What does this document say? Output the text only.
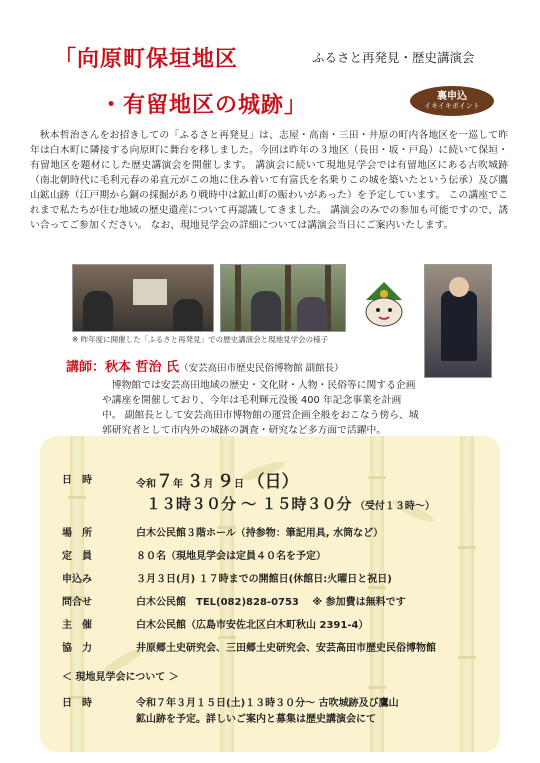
「向原町保垣地区
・有留地区の城跡」
ふるさと再発見・歴史講演会
裏申込
イキイキポイント
秋本哲治さんをお招きしての「ふるさと再発見」は、志屋・高南・三田・井原の町内各地区を一巡して昨年は白木町に隣接する向原町に舞台を移しました。今回は昨年の３地区（長田・坂・戸島）に続いて保垣・有留地区を題材にした歴史講演会を開催します。 講演会に続いて現地見学会では有留地区にある古吹城跡（南北朝時代に毛利元春の弟直元がこの地に住み着いて有富氏を名乗りこの城を築いたという伝承）及び鷹山鉱山跡（江戸期から銅の採掘があり戦時中は鉱山町の賑わいがあった）を予定しています。 この講座でこれまで私たちが住む地域の歴史遺産について再認識してきました。 講演会のみでの参加も可能ですので、誘い合ってご参加ください。 なお、現地見学会の詳細については講演会当日にご案内いたします。
※ 昨年度に開催した「ふるさと再発見」での歴史講演会と現地見学会の様子
講師：秋本 哲治 氏（安芸高田市歴史民俗博物館 副館長）
博物館では安芸高田地域の歴史・文化財・人物・民俗等に関する企画や講座を開催しており、今年は毛利輝元没後 400 年記念事業を計画中。 副館長として安芸高田市博物館の運営企画全般をおこなう傍ら、城郭研究者として市内外の城跡の調査・研究など多方面で活躍中。
日　時	令和７年 ３月 ９日 （日）
１３時３０分 ～ １５時３０分 （受付１３時～）
場　所	白木公民館３階ホール（持参物：筆記用具, 水筒など）
定　員	８０名（現地見学会は定員４０名を予定）
申込み	３月３日(月) １７時までの開館日(休館日:火曜日と祝日)
問合せ	白木公民館　TEL(082)828-0753　 ※ 参加費は無料です
主　催	白木公民館（広島市安佐北区白木町秋山 2391-4）
協　力	井原郷土史研究会、三田郷土史研究会、安芸高田市歴史民俗博物館
＜ 現地見学会について ＞
日　時	令和７年３月１５日(土)１３時３０分～ 古吹城跡及び鷹山
鉱山跡を予定。詳しいご案内と募集は歴史講演会にて
